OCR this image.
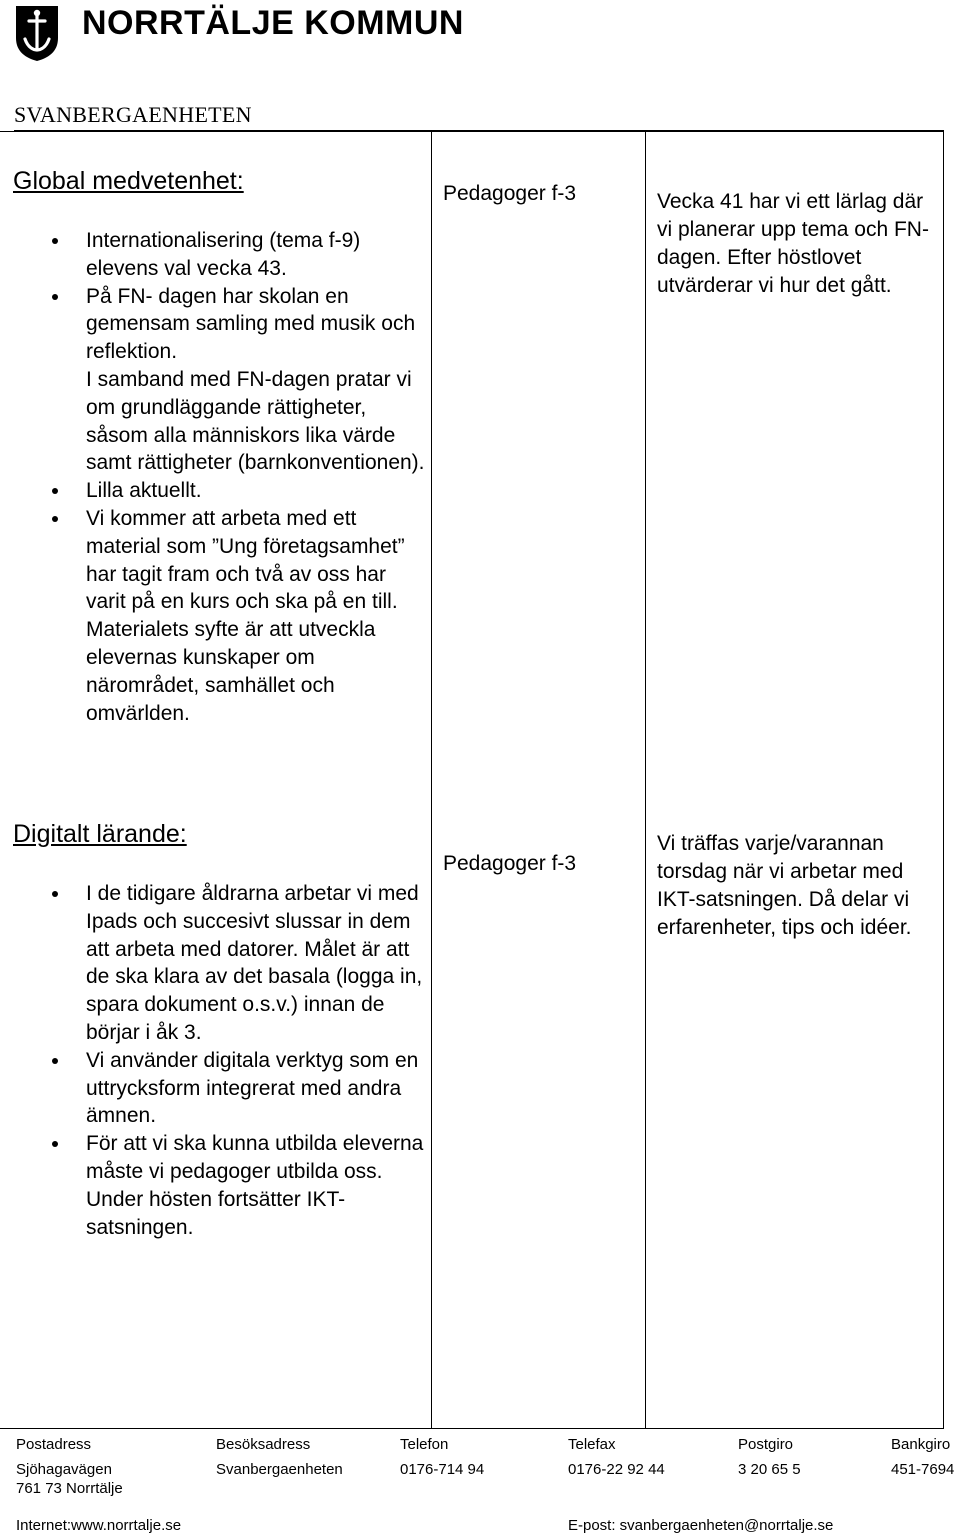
NORRTÄLJE KOMMUN
SVANBERGAENHETEN
Global medvetenhet:
Internationalisering (tema f-9) elevens val vecka 43.
På FN- dagen har skolan en gemensam samling med musik och reflektion.
I samband med FN-dagen pratar vi om grundläggande rättigheter, såsom alla människors lika värde samt rättigheter (barnkonventionen).
Lilla aktuellt.
Vi kommer att arbeta med ett material som ”Ung företagsamhet” har tagit fram och två av oss har varit på en kurs och ska på en till. Materialets syfte är att utveckla elevernas kunskaper om närområdet, samhället och omvärlden.
Pedagoger f-3	Vecka 41 har vi ett lärlag där vi planerar upp tema och FN-dagen. Efter höstlovet utvärderar vi hur det gått.
Digitalt lärande:
I de tidigare åldrarna arbetar vi med Ipads och succesivt slussar in dem att arbeta med datorer. Målet är att de ska klara av det basala (logga in, spara dokument o.s.v.) innan de börjar i åk 3.
Vi använder digitala verktyg som en uttrycksform integrerat med andra ämnen.
För att vi ska kunna utbilda eleverna måste vi pedagoger utbilda oss. Under hösten fortsätter IKT-satsningen.
Pedagoger f-3
Vi träffas varje/varannan torsdag när vi arbetar med IKT-satsningen. Då delar vi erfarenheter, tips och idéer.
Postadress
Sjöhagavägen
761 73 Norrtälje
Besöksadress
Svanbergaenheten
Telefon
0176-714 94
Telefax
0176-22 92 44
Postgiro
3 20 65 5
Bankgiro
451-7694
Internet:www.norrtalje.se	E-post: svanbergaenheten@norrtalje.se
